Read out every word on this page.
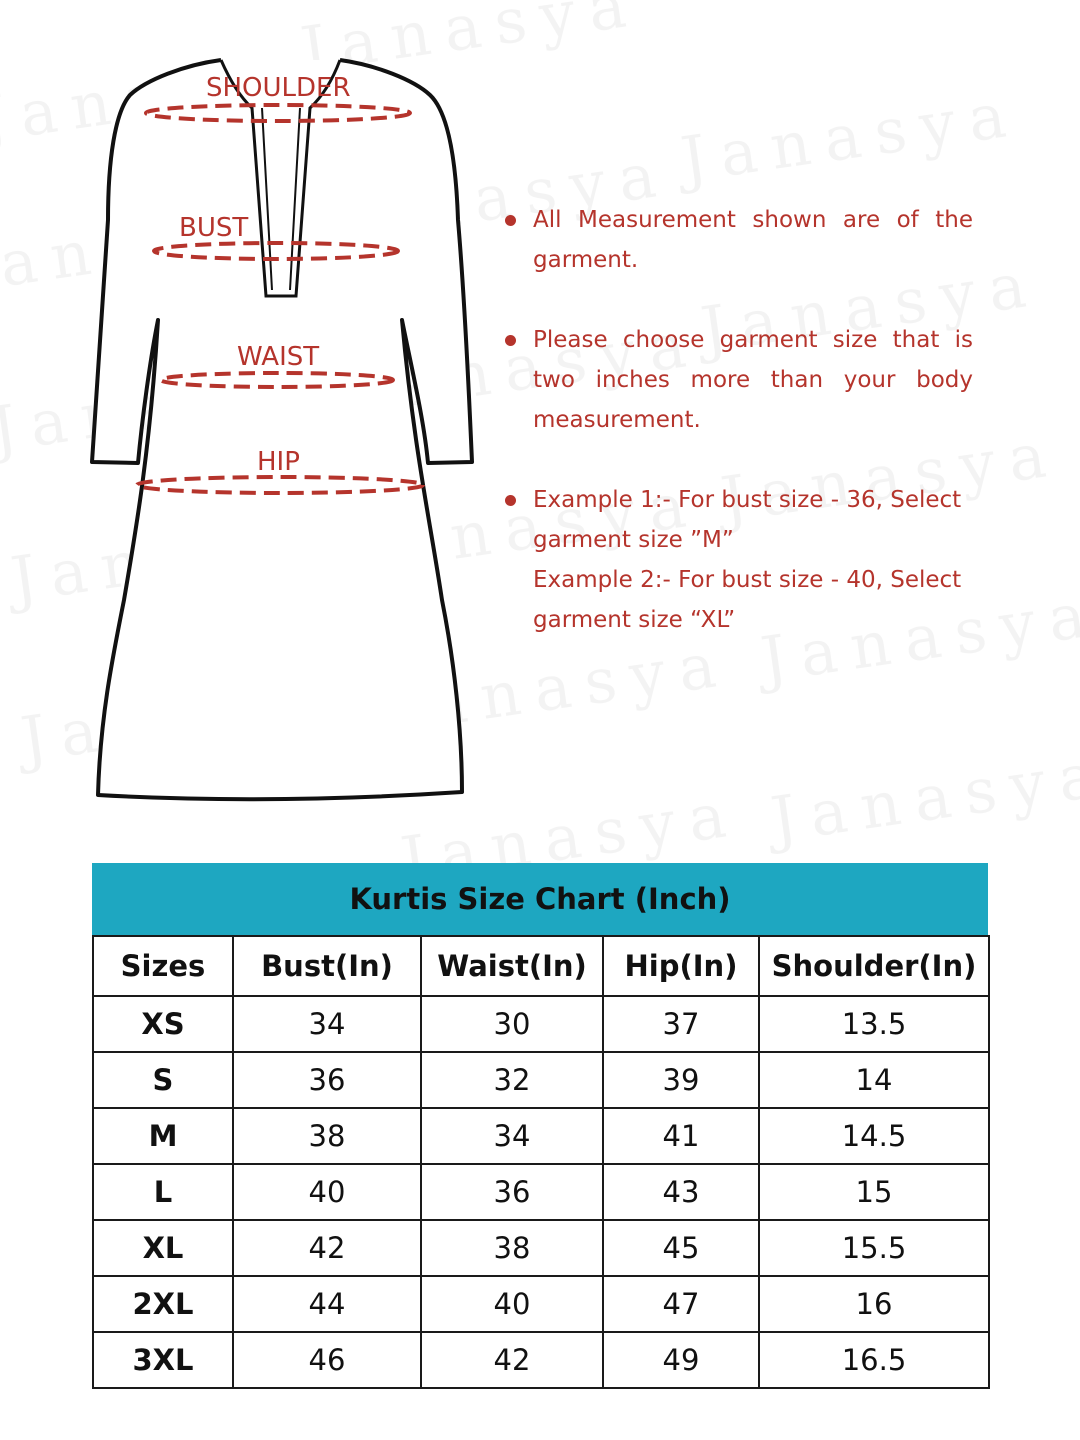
SHOULDER
BUST
WAIST
HIP

All Measurement shown are of the garment.

Please choose garment size that is two inches more than your body measurement.

Example 1:- For bust size - 36, Select garment size ”M”

Example 2:- For bust size - 40, Select garment size “XL”

Kurtis Size Chart (Inch)
Sizes	Bust(In)	Waist(In)	Hip(In)	Shoulder(In)
XS	34	30	37	13.5
S	36	32	39	14
M	38	34	41	14.5
L	40	36	43	15
XL	42	38	45	15.5
2XL	44	40	47	16
3XL	46	42	49	16.5
